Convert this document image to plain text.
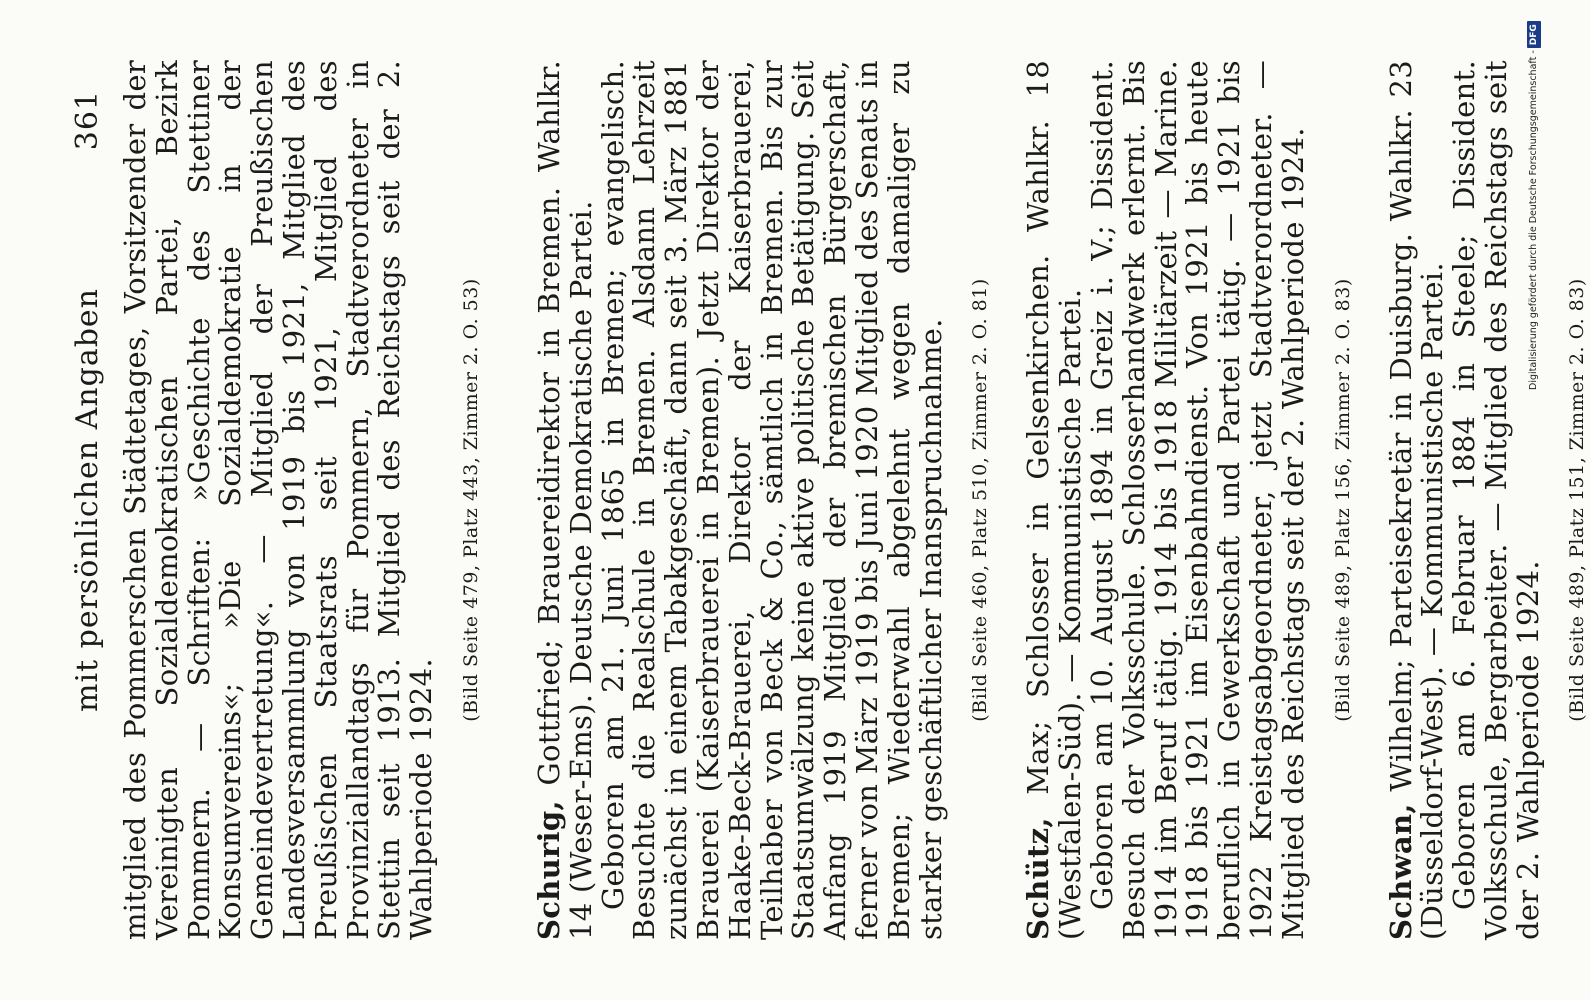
mit persönlichen Angaben
361 mitglied des Pommerschen Städtetages, Vorsitzender der Vereinigten Sozialdemokratischen Partei, Bezirk Pommern. — Schriften: »Geschichte des Stettiner Konsumvereins«; »Die Sozialdemokratie in der Gemeindevertretung«. — Mitglied der Preußischen Landesversammlung von 1919 bis 1921, Mitglied des Preußischen Staatsrats seit 1921, Mitglied des Provinziallandtags für Pommern, Stadtverordneter in Stettin seit 1913. Mitglied des Reichstags seit der 2. Wahlperiode 1924.

(Bild Seite 479, Platz 443, Zimmer 2. O. 53)

Schurig, Gottfried; Brauereidirektor in Bremen. Wahlkr. 14 (Weser-Ems). Deutsche Demokratische Partei.

Geboren am 21. Juni 1865 in Bremen; evangelisch. Besuchte die Realschule in Bremen. Alsdann Lehrzeit zunächst in einem Tabakgeschäft, dann seit 3. März 1881 Brauerei (Kaiserbrauerei in Bremen). Jetzt Direktor der Haake-Beck-Brauerei, Direktor der Kaiserbrauerei, Teilhaber von Beck & Co., sämtlich in Bremen. Bis zur Staatsumwälzung keine aktive politische Betätigung. Seit Anfang 1919 Mitglied der bremischen Bürgerschaft, ferner von März 1919 bis Juni 1920 Mitglied des Senats in Bremen; Wiederwahl abgelehnt wegen damaliger zu starker geschäftlicher Inanspruchnahme. (Bild Seite 460, Platz 510, Zimmer 2. O. 81)

Schütz, Max; Schlosser in Gelsenkirchen. Wahlkr. 18 (Westfalen-Süd). — Kommunistische Partei.

Geboren am 10. August 1894 in Greiz i. V.; Dissident. Besuch der Volksschule. Schlosserhandwerk erlernt. Bis 1914 im Beruf tätig. 1914 bis 1918 Militärzeit — Marine. 1918 bis 1921 im Eisenbahndienst. Von 1921 bis heute beruflich in Gewerkschaft und Partei tätig. — 1921 bis 1922 Kreistagsabgeordneter, jetzt Stadtverordneter. — Mitglied des Reichstags seit der 2. Wahlperiode 1924. (Bild Seite 489, Platz 156, Zimmer 2. O. 83)

Schwan, Wilhelm; Parteisekretär in Duisburg. Wahlkr. 23 (Düsseldorf-West). — Kommunistische Partei.

Geboren am 6. Februar 1884 in Steele; Dissident. Volksschule, Bergarbeiter. — Mitglied des Reichstags seit der 2. Wahlperiode 1924.

(Bild Seite 489, Platz 151, Zimmer 2. O. 83)
Digitalisierung gefördert durch die Deutsche Forschungsgemeinschaft -DFG
